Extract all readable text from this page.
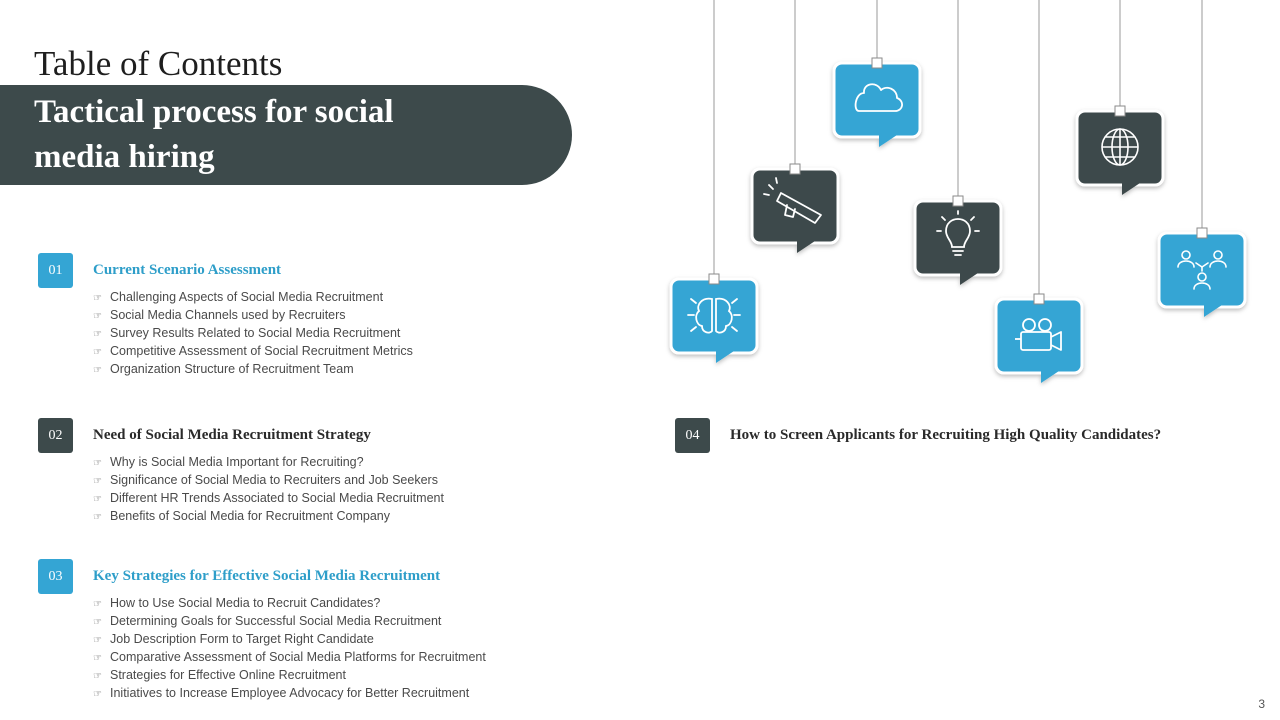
Table of Contents
Tactical process for social media hiring
01	Current Scenario Assessment
☞ Challenging Aspects of Social Media Recruitment
☞ Social Media Channels used by Recruiters
☞ Survey Results Related to Social Media Recruitment
☞ Competitive Assessment of Social Recruitment Metrics
☞ Organization Structure of Recruitment Team
02	Need of Social Media Recruitment Strategy
☞ Why is Social Media Important for Recruiting?
☞ Significance of Social Media to Recruiters and Job Seekers
☞ Different HR Trends Associated to Social Media Recruitment
☞ Benefits of Social Media for Recruitment Company
03	Key Strategies for Effective Social Media Recruitment
☞ How to Use Social Media to Recruit Candidates?
☞ Determining Goals for Successful Social Media Recruitment
☞ Job Description Form to Target Right Candidate
☞ Comparative Assessment of Social Media Platforms for Recruitment
☞ Strategies for Effective Online Recruitment
☞ Initiatives to Increase Employee Advocacy for Better Recruitment
04	How to Screen Applicants for Recruiting High Quality Candidates?
3
